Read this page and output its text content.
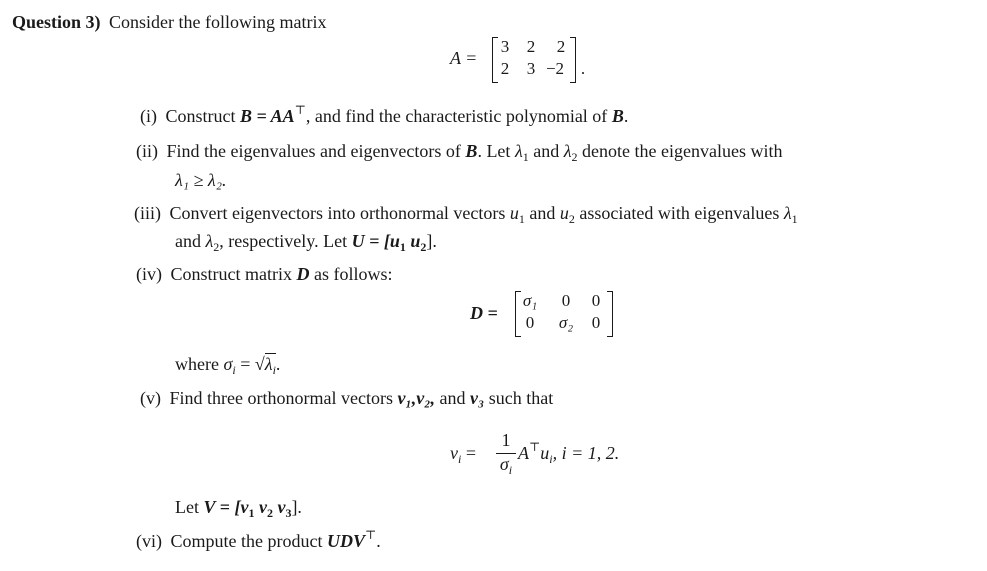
Question 3) Consider the following matrix
A =
3	2	2
2	3 −2 .
(i) Construct B = AA⊤, and find the characteristic polynomial of B.
(ii) Find the eigenvalues and eigenvectors of B. Let $\lambda_1$ and $\lambda_2$ denote the eigenvalues with
λ₁ ≥ λ₂.
(iii) Convert eigenvectors into orthonormal vectors $u_1$ and $u_2$ associated with eigenvalues $\lambda_1$
and $\lambda_2$, respectively. Let $U = [u_1$ $u_2$].
(iv) Construct matrix D as follows:
D =
σ₁	0	0
0	σ₂	0
where $\sigma_i = √\lambda_i$.
(v) Find three orthonormal vectors v₁,v₂, and v₃ such that
$v_i$ =
1
$\sigma_i$
$A^⊤u_i$, i = 1, 2.
Let $V = [v_1$ $v_2$ $v_3$].
(vi) Compute the product UDV⊤.
